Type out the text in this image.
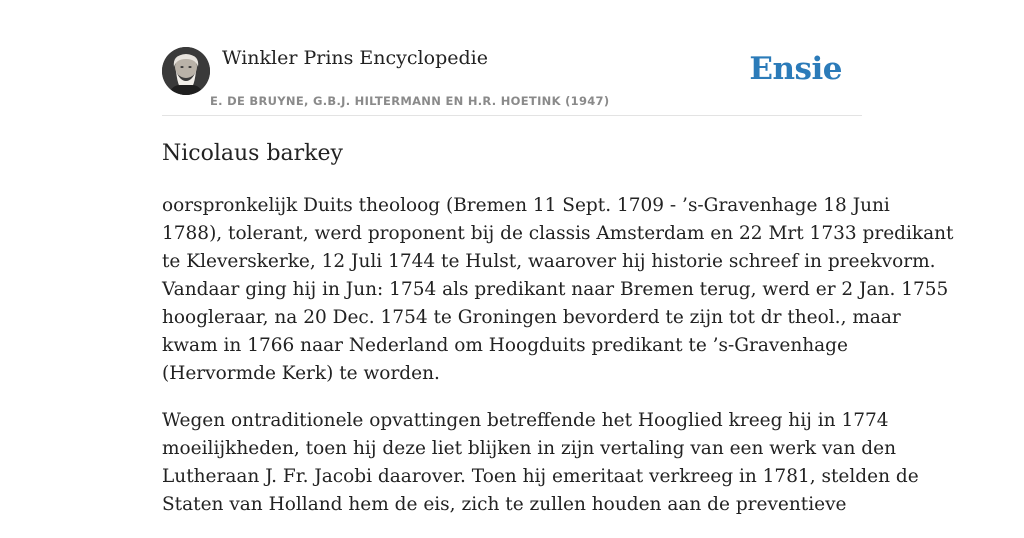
Winkler Prins Encyclopedie
E. DE BRUYNE, G.B.J. HILTERMANN EN H.R. HOETINK (1947)
Ensie
Nicolaus barkey

oorspronkelijk Duits theoloog (Bremen 11 Sept. 1709 - ’s-Gravenhage 18 Juni
1788), tolerant, werd proponent bij de classis Amsterdam en 22 Mrt 1733 predikant
te Kleverskerke, 12 Juli 1744 te Hulst, waarover hij historie schreef in preekvorm.
Vandaar ging hij in Jun: 1754 als predikant naar Bremen terug, werd er 2 Jan. 1755
hoogleraar, na 20 Dec. 1754 te Groningen bevorderd te zijn tot dr theol., maar
kwam in 1766 naar Nederland om Hoogduits predikant te ’s-Gravenhage
(Hervormde Kerk) te worden.

Wegen ontraditionele opvattingen betreffende het Hooglied kreeg hij in 1774
moeilijkheden, toen hij deze liet blijken in zijn vertaling van een werk van den
Lutheraan J. Fr. Jacobi daarover. Toen hij emeritaat verkreeg in 1781, stelden de
Staten van Holland hem de eis, zich te zullen houden aan de preventieve
